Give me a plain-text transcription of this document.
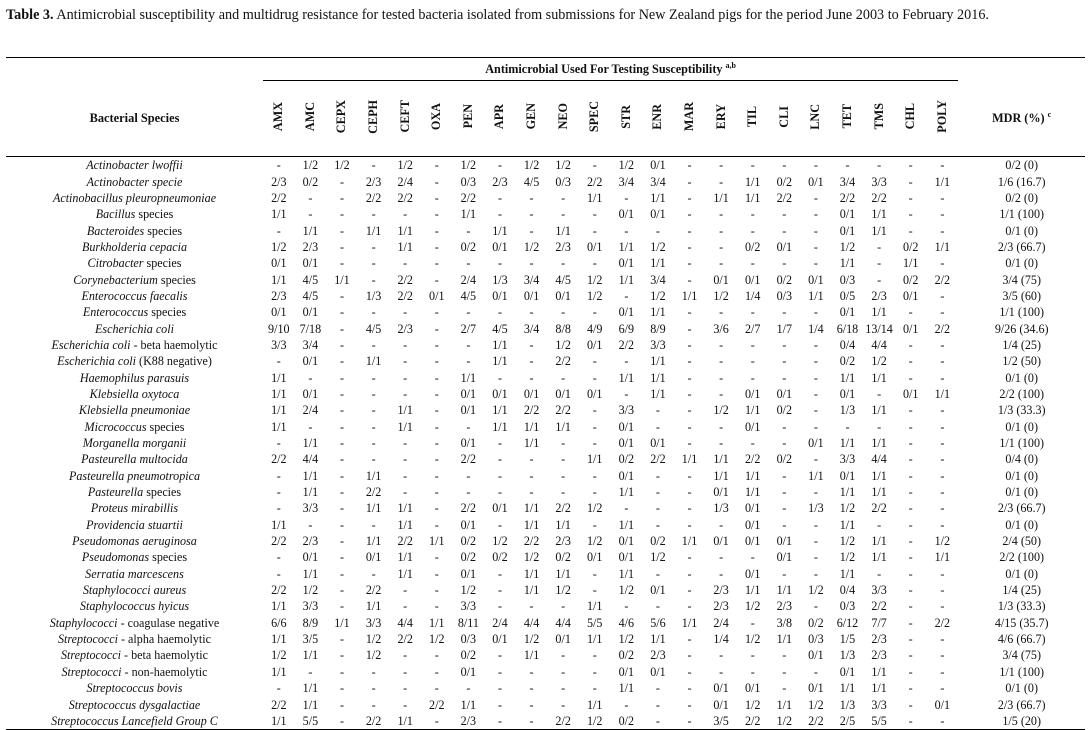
Table 3. Antimicrobial susceptibility and multidrug resistance for tested bacteria isolated from submissions for New Zealand pigs for the period June 2003 to February 2016.
	Antimicrobial Used For Testing Susceptibility $^{a,b}$	
Bacterial Species	AMX	AMC	CEPX	CEPH	CEFT	OXA	PEN	APR	GEN	NEO	SPEC	STR	ENR	MAR	ERY	TIL	CLI	LNC	TET	TMS	CHL	POLY	MDR (%) $^c$
Actinobacter lwoffii	-	1/2	1/2	-	1/2	-	1/2	-	1/2	1/2	-	1/2	0/1	-	-	-	-	-	-	-	-	-	0/2 (0)
Actinobacter specie	2/3	0/2	-	2/3	2/4	-	0/3	2/3	4/5	0/3	2/2	3/4	3/4	-	-	1/1	0/2	0/1	3/4	3/3	-	1/1	1/6 (16.7)
Actinobacillus pleuropneumoniae	2/2	-	-	2/2	2/2	-	2/2	-	-	-	1/1	-	1/1	-	1/1	1/1	2/2	-	2/2	2/2	-	-	0/2 (0)
Bacillus species	1/1	-	-	-	-	-	1/1	-	-	-	-	0/1	0/1	-	-	-	-	-	0/1	1/1	-	-	1/1 (100)
Bacteroides species	-	1/1	-	1/1	1/1	-	-	1/1	-	1/1	-	-	-	-	-	-	-	-	0/1	1/1	-	-	0/1 (0)
Burkholderia cepacia	1/2	2/3	-	-	1/1	-	0/2	0/1	1/2	2/3	0/1	1/1	1/2	-	-	0/2	0/1	-	1/2	-	0/2	1/1	2/3 (66.7)
Citrobacter species	0/1	0/1	-	-	-	-	-	-	-	-	-	0/1	1/1	-	-	-	-	-	1/1	-	1/1	-	0/1 (0)
Corynebacterium species	1/1	4/5	1/1	-	2/2	-	2/4	1/3	3/4	4/5	1/2	1/1	3/4	-	0/1	0/1	0/2	0/1	0/3	-	0/2	2/2	3/4 (75)
Enterococcus faecalis	2/3	4/5	-	1/3	2/2	0/1	4/5	0/1	0/1	0/1	1/2	-	1/2	1/1	1/2	1/4	0/3	1/1	0/5	2/3	0/1	-	3/5 (60)
Enterococcus species	0/1	0/1	-	-	-	-	-	-	-	-	-	0/1	1/1	-	-	-	-	-	0/1	1/1	-	-	1/1 (100)
Escherichia coli	9/10	7/18	-	4/5	2/3	-	2/7	4/5	3/4	8/8	4/9	6/9	8/9	-	3/6	2/7	1/7	1/4	6/18	13/14	0/1	2/2	9/26 (34.6)
Escherichia coli - beta haemolytic	3/3	3/4	-	-	-	-	-	1/1	-	1/2	0/1	2/2	3/3	-	-	-	-	-	0/4	4/4	-	-	1/4 (25)
Escherichia coli (K88 negative)	-	0/1	-	1/1	-	-	-	1/1	-	2/2	-	-	1/1	-	-	-	-	-	0/2	1/2	-	-	1/2 (50)
Haemophilus parasuis	1/1	-	-	-	-	-	1/1	-	-	-	-	1/1	1/1	-	-	-	-	-	1/1	1/1	-	-	0/1 (0)
Klebsiella oxytoca	1/1	0/1	-	-	-	-	0/1	0/1	0/1	0/1	0/1	-	1/1	-	-	0/1	0/1	-	0/1	-	0/1	1/1	2/2 (100)
Klebsiella pneumoniae	1/1	2/4	-	-	1/1	-	0/1	1/1	2/2	2/2	-	3/3	-	-	1/2	1/1	0/2	-	1/3	1/1	-	-	1/3 (33.3)
Micrococcus species	1/1	-	-	-	1/1	-	-	1/1	1/1	1/1	-	0/1	-	-	-	0/1	-	-	-	-	-	-	0/1 (0)
Morganella morganii	-	1/1	-	-	-	-	0/1	-	1/1	-	-	0/1	0/1	-	-	-	-	0/1	1/1	1/1	-	-	1/1 (100)
Pasteurella multocida	2/2	4/4	-	-	-	-	2/2	-	-	-	1/1	0/2	2/2	1/1	1/1	2/2	0/2	-	3/3	4/4	-	-	0/4 (0)
Pasteurella pneumotropica	-	1/1	-	1/1	-	-	-	-	-	-	-	0/1	-	-	1/1	1/1	-	1/1	0/1	1/1	-	-	0/1 (0)
Pasteurella species	-	1/1	-	2/2	-	-	-	-	-	-	-	1/1	-	-	0/1	1/1	-	-	1/1	1/1	-	-	0/1 (0)
Proteus mirabillis	-	3/3	-	1/1	1/1	-	2/2	0/1	1/1	2/2	1/2	-	-	-	1/3	0/1	-	1/3	1/2	2/2	-	-	2/3 (66.7)
Providencia stuartii	1/1	-	-	-	1/1	-	0/1	-	1/1	1/1	-	1/1	-	-	-	0/1	-	-	1/1	-	-	-	0/1 (0)
Pseudomonas aeruginosa	2/2	2/3	-	1/1	2/2	1/1	0/2	1/2	2/2	2/3	1/2	0/1	0/2	1/1	0/1	0/1	0/1	-	1/2	1/1	-	1/2	2/4 (50)
Pseudomonas species	-	0/1	-	0/1	1/1	-	0/2	0/2	1/2	0/2	0/1	0/1	1/2	-	-	-	0/1	-	1/2	1/1	-	1/1	2/2 (100)
Serratia marcescens	-	1/1	-	-	1/1	-	0/1	-	1/1	1/1	-	1/1	-	-	-	0/1	-	-	1/1	-	-	-	0/1 (0)
Staphylococci aureus	2/2	1/2	-	2/2	-	-	1/2	-	1/1	1/2	-	1/2	0/1	-	2/3	1/1	1/1	1/2	0/4	3/3	-	-	1/4 (25)
Staphylococcus hyicus	1/1	3/3	-	1/1	-	-	3/3	-	-	-	1/1	-	-	-	2/3	1/2	2/3	-	0/3	2/2	-	-	1/3 (33.3)
Staphylococci - coagulase negative	6/6	8/9	1/1	3/3	4/4	1/1	8/11	2/4	4/4	4/4	5/5	4/6	5/6	1/1	2/4	-	3/8	0/2	6/12	7/7	-	2/2	4/15 (35.7)
Streptococci - alpha haemolytic	1/1	3/5	-	1/2	2/2	1/2	0/3	0/1	1/2	0/1	1/1	1/2	1/1	-	1/4	1/2	1/1	0/3	1/5	2/3	-	-	4/6 (66.7)
Streptococci - beta haemolytic	1/2	1/1	-	1/2	-	-	0/2	-	1/1	-	-	0/2	2/3	-	-	-	-	0/1	1/3	2/3	-	-	3/4 (75)
Streptococci - non-haemolytic	1/1	-	-	-	-	-	0/1	-	-	-	-	0/1	0/1	-	-	-	-	-	0/1	1/1	-	-	1/1 (100)
Streptococcus bovis	-	1/1	-	-	-	-	-	-	-	-	-	1/1	-	-	0/1	0/1	-	0/1	1/1	1/1	-	-	0/1 (0)
Streptococcus dysgalactiae	2/2	1/1	-	-	-	2/2	1/1	-	-	-	1/1	-	-	-	0/1	1/2	1/1	1/2	1/3	3/3	-	0/1	2/3 (66.7)
Streptococcus Lancefield Group C	1/1	5/5	-	2/2	1/1	-	2/3	-	-	2/2	1/2	0/2	-	-	3/5	2/2	1/2	2/2	2/5	5/5	-	-	1/5 (20)
